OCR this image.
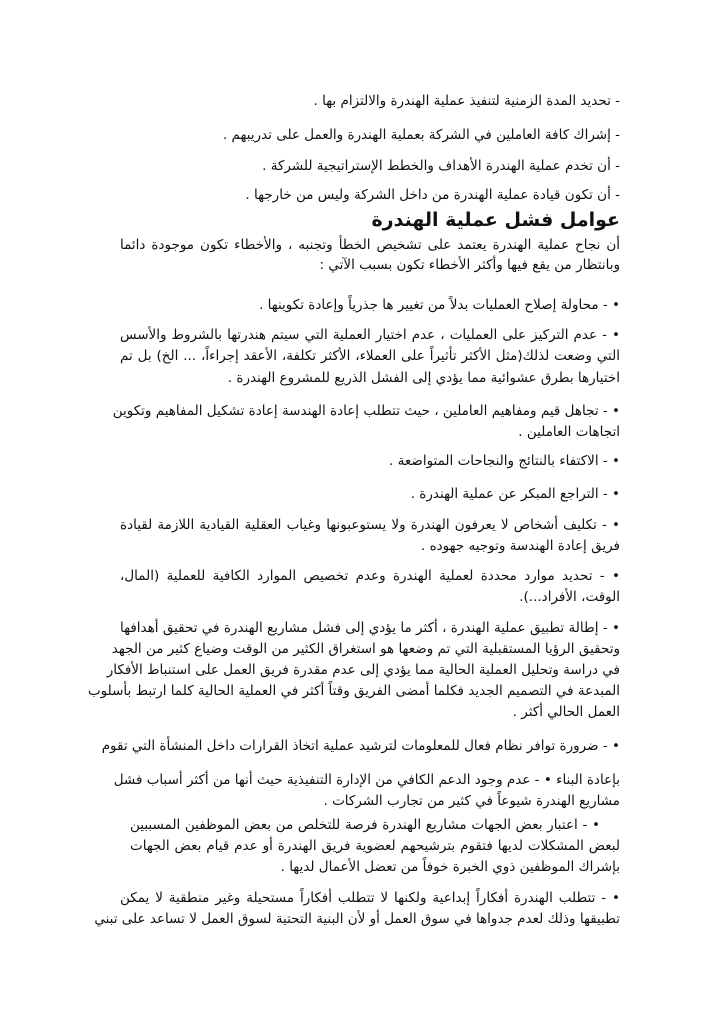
- تحديد المدة الزمنية لتنفيذ عملية الهندرة والالتزام بها .
- إشراك كافة العاملين في الشركة بعملية الهندرة والعمل على تدريبهم .
- أن تخدم عملية الهندرة الأهداف والخطط الإستراتيجية للشركة .
- أن تكون قيادة عملية الهندرة من داخل الشركة وليس من خارجها .
عوامل فشل عملية الهندرة
أن نجاح عملية الهندرة يعتمد على تشخيص الخطأ وتجنبه ، والأخطاء تكون موجودة دائما
وبانتظار من يقع فيها وأكثر الأخطاء تكون بسبب الآتي :
• - محاولة إصلاح العمليات بدلاً من تغيير ها جذرياً وإعادة تكوينها .
• - عدم التركيز على العمليات ، عدم اختيار العملية التي سيتم هندرتها بالشروط والأسس
التي وضعت لذلك(مثل الأكثر تأثيراً على العملاء، الأكثر تكلفة، الأعقد إجراءاً، ... الخ) بل تم
اختيارها بطرق عشوائية مما يؤدي إلى الفشل الذريع للمشروع الهندرة .
• - تجاهل قيم ومفاهيم العاملين ، حيث تتطلب إعادة الهندسة إعادة تشكيل المفاهيم وتكوين
اتجاهات العاملين .
• - الاكتفاء بالنتائج والنجاحات المتواضعة .
• - التراجع المبكر عن عملية الهندرة .
• - تكليف أشخاص لا يعرفون الهندرة ولا يستوعبونها وغياب العقلية القيادية اللازمة لقيادة
فريق إعادة الهندسة وتوجيه جهوده .
• - تحديد موارد محددة لعملية الهندرة وعدم تخصيص الموارد الكافية للعملية (المال،
الوقت، الأفراد...).
• - إطالة تطبيق عملية الهندرة ، أكثر ما يؤدي إلى فشل مشاريع الهندرة في تحقيق أهدافها
وتحقيق الرؤيا المستقبلية التي تم وضعها هو استغراق الكثير من الوقت وضياع كثير من الجهد
في دراسة وتحليل العملية الحالية مما يؤدي إلى عدم مقدرة فريق العمل على استنباط الأفكار
المبدعة في التصميم الجديد فكلما أمضى الفريق وقتاً أكثر في العملية الحالية كلما ارتبط بأسلوب
العمل الحالي أكثر .
• - ضرورة توافر نظام فعال للمعلومات لترشيد عملية اتخاذ القرارات داخل المنشأة التي تقوم
بإعادة البناء • - عدم وجود الدعم الكافي من الإدارة التنفيذية حيث أنها من أكثر أسباب فشل
مشاريع الهندرة شيوعاً في كثير من تجارب الشركات .
• - اعتبار بعض الجهات مشاريع الهندرة فرصة للتخلص من بعض الموظفين المسببين
لبعض المشكلات لديها فتقوم بترشيحهم لعضوية فريق الهندرة أو عدم قيام بعض الجهات
بإشراك الموظفين ذوي الخبرة خوفاً من تعضل الأعمال لديها .
• - تتطلب الهندرة أفكاراً إبداعية ولكنها لا تتطلب أفكاراً مستحيلة وغير منطقية لا يمكن
تطبيقها وذلك لعدم جدواها في سوق العمل أو لأن البنية التحتية لسوق العمل لا تساعد على تبني
